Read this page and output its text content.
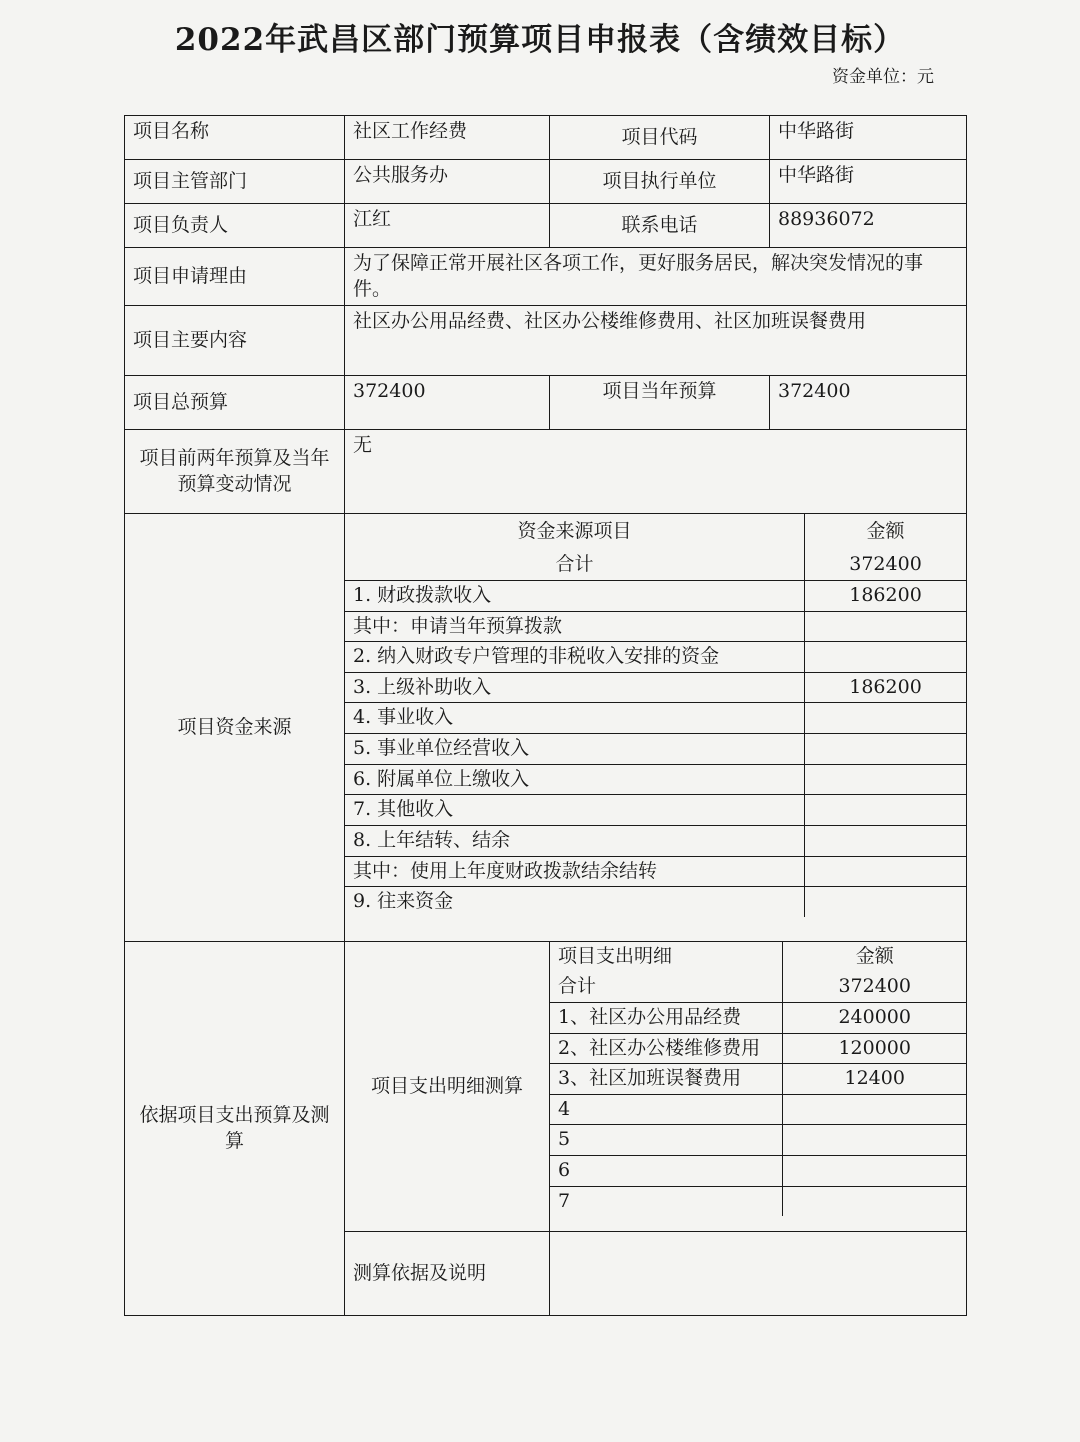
2022年武昌区部门预算项目申报表（含绩效目标）
资金单位：元
项目名称	社区工作经费	项目代码	中华路街
项目主管部门	公共服务办	项目执行单位	中华路街
项目负责人	江红	联系电话	88936072
项目申请理由	为了保障正常开展社区各项工作，更好服务居民，解决突发情况的事件。
项目主要内容	社区办公用品经费、社区办公楼维修费用、社区加班误餐费用
项目总预算	372400	项目当年预算	372400
项目前两年预算及当年预算变动情况	无
项目资金来源	
资金来源项目	金额
合计	372400
1. 财政拨款收入	186200
其中：申请当年预算拨款	
2. 纳入财政专户管理的非税收入安排的资金	
3. 上级补助收入	186200
4. 事业收入	
5. 事业单位经营收入	
6. 附属单位上缴收入	
7. 其他收入	
8. 上年结转、结余	
其中：使用上年度财政拨款结余结转	
9. 往来资金	

依据项目支出预算及测算	项目支出明细测算	
项目支出明细	金额
合计	372400
1、社区办公用品经费	240000
2、社区办公楼维修费用	120000
3、社区加班误餐费用	12400
4	
5	
6	
7	

测算依据及说明	
